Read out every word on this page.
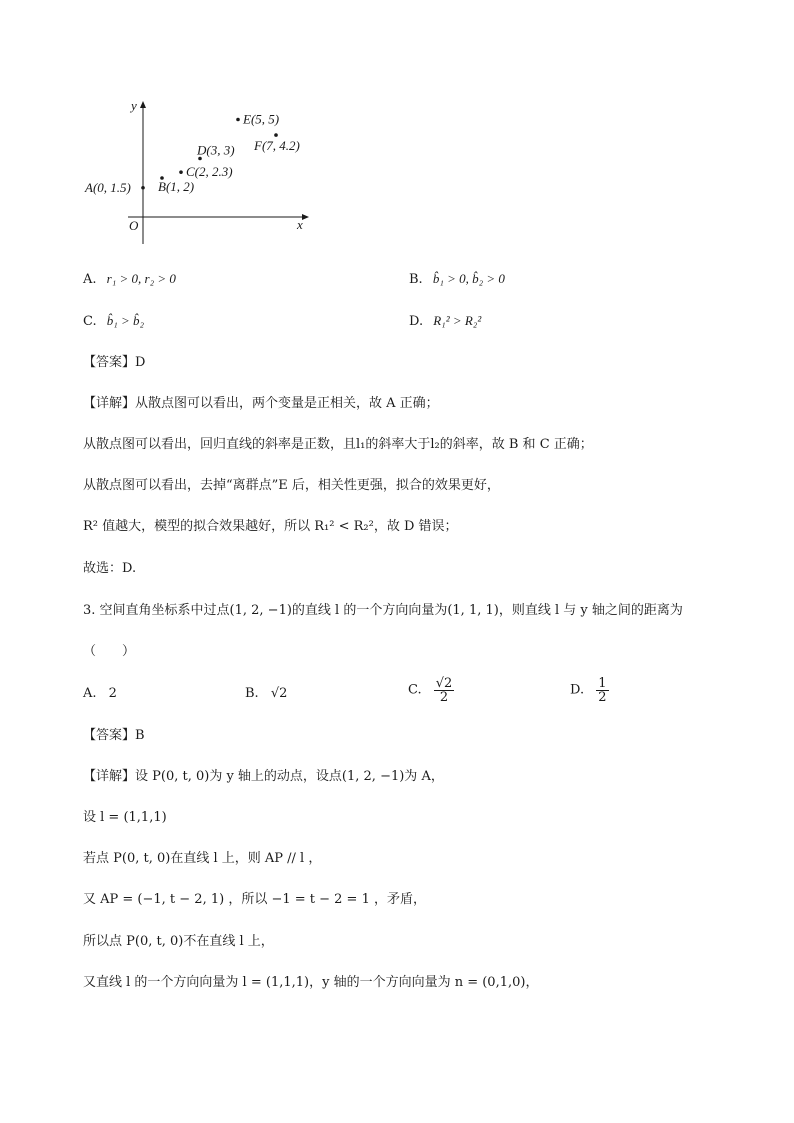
y
x
O
A(0, 1.5) B(1, 2)
C(2, 2.3)
D(3, 3)
E(5, 5)
F(7, 4.2)
A. r₁ > 0, r₂ > 0	B. b̂₁ > 0, b̂₂ > 0
C. b̂₁ > b̂₂	D. R₁² > R₂²
【答案】D
【详解】从散点图可以看出，两个变量是正相关，故 A 正确；
从散点图可以看出，回归直线的斜率是正数，且l₁的斜率大于l₂的斜率，故 B 和 C 正确；
从散点图可以看出，去掉“离群点”E 后，相关性更强，拟合的效果更好，
R² 值越大，模型的拟合效果越好，所以 R₁² < R₂²，故 D 错误；
故选：D.
3. 空间直角坐标系中过点(1, 2, −1)的直线 l 的一个方向向量为(1, 1, 1)，则直线 l 与 y 轴之间的距离为
（　　）
A. 2	B. √2	C. $\frac{√2}{2}$	D. $\frac{1}{2}$
【答案】B
【详解】设 P(0, t, 0)为 y 轴上的动点，设点(1, 2, −1)为 A，
设 l = (1,1,1)
若点 P(0, t, 0)在直线 l 上，则 AP // l ，
又 AP = (−1, t − 2, 1) ，所以 −1 = t − 2 = 1 ，矛盾，
所以点 P(0, t, 0)不在直线 l 上，
又直线 l 的一个方向向量为 l = (1,1,1)，y 轴的一个方向向量为 n = (0,1,0)，
